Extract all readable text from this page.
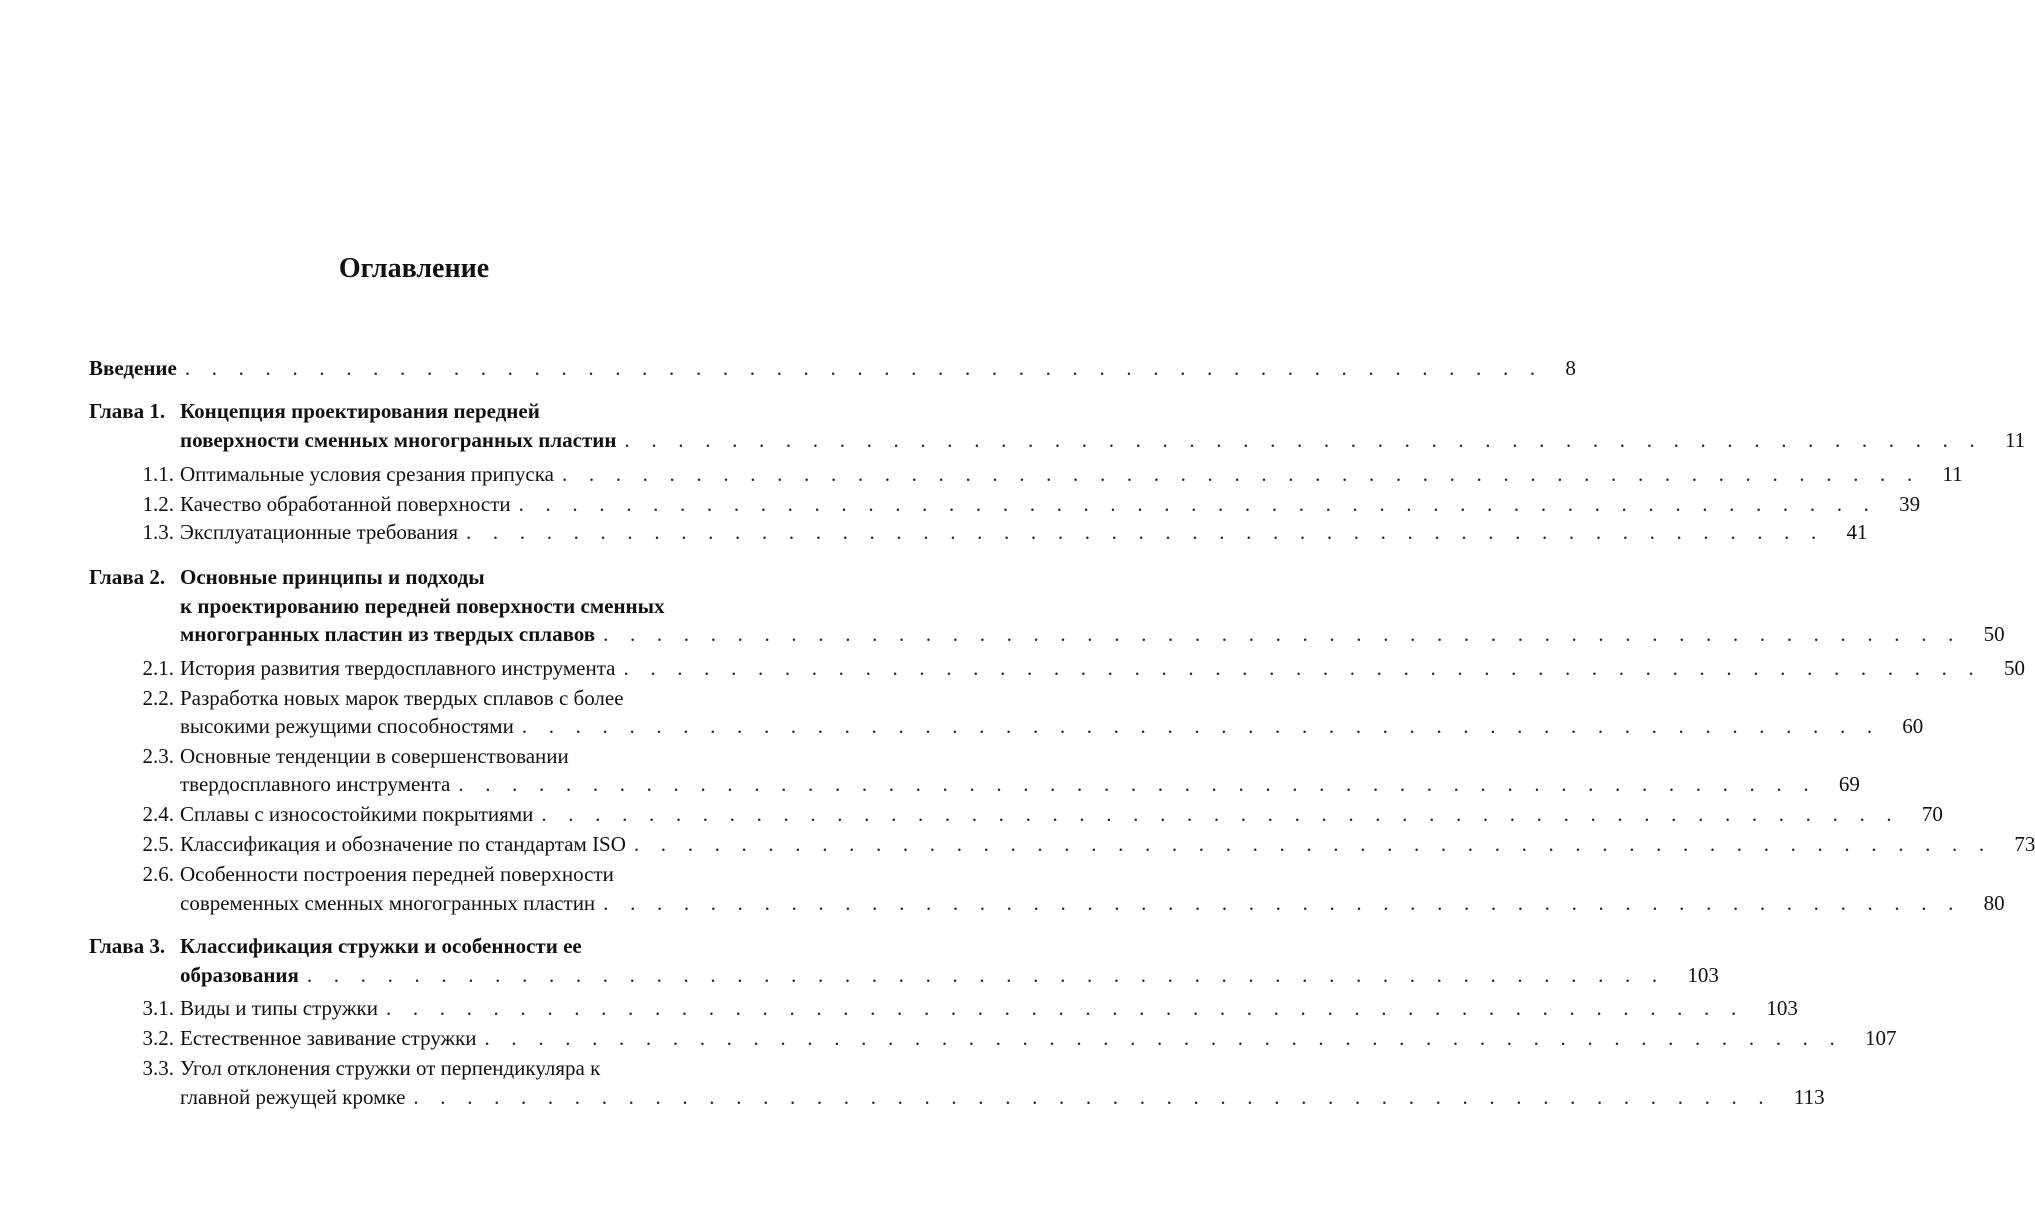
Оглавление
Введение . . . . . . . . . . . . . . . . . . . . . . . . . . . . . . . . . . . . . . . . . . . . . . . . . . . 8
Глава 1. Концепция проектирования передней
поверхности сменных многогранных пластин . . . . . . . . . . . . . . . . . . . . . . . . . . . . . . . . . . . . . . . . . . . . . . . . . . . 11
1.1. Оптимальные условия срезания припуска . . . . . . . . . . . . . . . . . . . . . . . . . . . . . . . . . . . . . . . . . . . . . . . . . . . 11
1.2. Качество обработанной поверхности . . . . . . . . . . . . . . . . . . . . . . . . . . . . . . . . . . . . . . . . . . . . . . . . . . . 39
1.3. Эксплуатационные требования . . . . . . . . . . . . . . . . . . . . . . . . . . . . . . . . . . . . . . . . . . . . . . . . . . . 41
Глава 2. Основные принципы и подходы
к проектированию передней поверхности сменных
многогранных пластин из твердых сплавов . . . . . . . . . . . . . . . . . . . . . . . . . . . . . . . . . . . . . . . . . . . . . . . . . . . 50
2.1. История развития твердосплавного инструмента . . . . . . . . . . . . . . . . . . . . . . . . . . . . . . . . . . . . . . . . . . . . . . . . . . . 50
2.2. Разработка новых марок твердых сплавов с более
высокими режущими способностями . . . . . . . . . . . . . . . . . . . . . . . . . . . . . . . . . . . . . . . . . . . . . . . . . . . 60
2.3. Основные тенденции в совершенствовании
твердосплавного инструмента . . . . . . . . . . . . . . . . . . . . . . . . . . . . . . . . . . . . . . . . . . . . . . . . . . . 69
2.4. Сплавы с износостойкими покрытиями . . . . . . . . . . . . . . . . . . . . . . . . . . . . . . . . . . . . . . . . . . . . . . . . . . . 70
2.5. Классификация и обозначение по стандартам ISO . . . . . . . . . . . . . . . . . . . . . . . . . . . . . . . . . . . . . . . . . . . . . . . . . . . 73
2.6. Особенности построения передней поверхности
современных сменных многогранных пластин . . . . . . . . . . . . . . . . . . . . . . . . . . . . . . . . . . . . . . . . . . . . . . . . . . . 80
Глава 3. Классификация стружки и особенности ее
образования . . . . . . . . . . . . . . . . . . . . . . . . . . . . . . . . . . . . . . . . . . . . . . . . . . . 103
3.1. Виды и типы стружки . . . . . . . . . . . . . . . . . . . . . . . . . . . . . . . . . . . . . . . . . . . . . . . . . . . 103
3.2. Естественное завивание стружки . . . . . . . . . . . . . . . . . . . . . . . . . . . . . . . . . . . . . . . . . . . . . . . . . . . 107
3.3. Угол отклонения стружки от перпендикуляра к
главной режущей кромке . . . . . . . . . . . . . . . . . . . . . . . . . . . . . . . . . . . . . . . . . . . . . . . . . . . 113
